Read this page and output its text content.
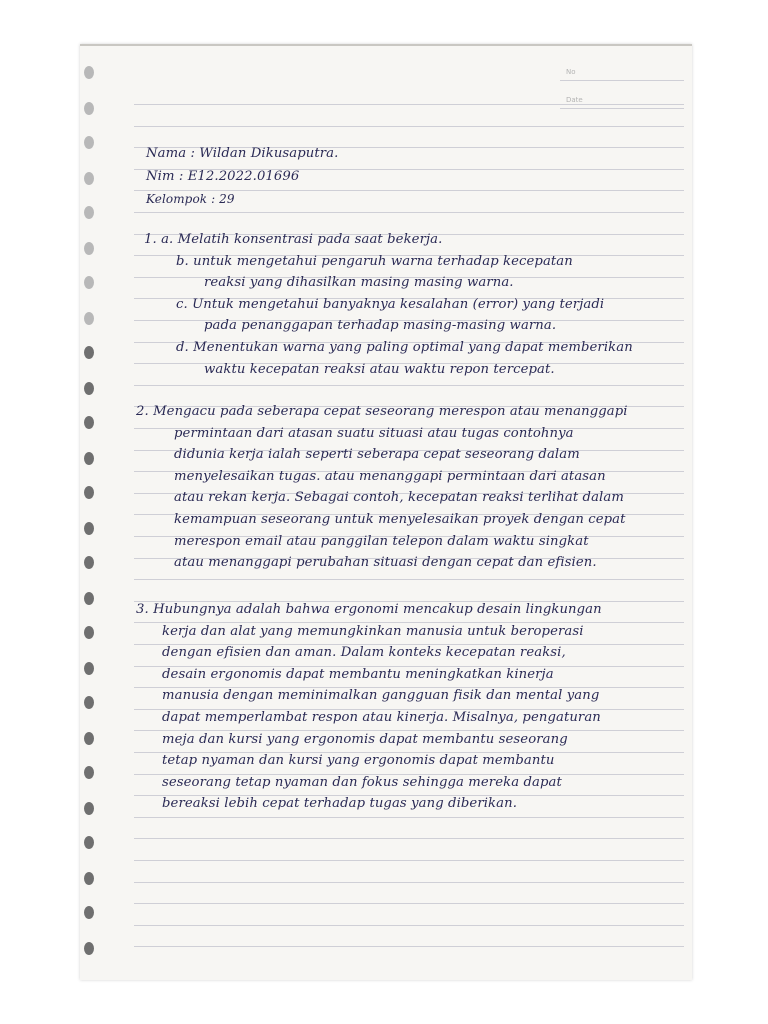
No
Date
Nama : Wildan Dikusaputra.
Nim : E12.2022.01696
Kelompok : 29
1. a. Melatih konsentrasi pada saat bekerja.
b. untuk mengetahui pengaruh warna terhadap kecepatan
reaksi yang dihasilkan masing masing warna.
c. Untuk mengetahui banyaknya kesalahan (error) yang terjadi
pada penanggapan terhadap masing-masing warna.
d. Menentukan warna yang paling optimal yang dapat memberikan
waktu kecepatan reaksi atau waktu repon tercepat.
2. Mengacu pada seberapa cepat seseorang merespon atau menanggapi
permintaan dari atasan suatu situasi atau tugas contohnya
didunia kerja ialah seperti seberapa cepat seseorang dalam
menyelesaikan tugas. atau menanggapi permintaan dari atasan
atau rekan kerja. Sebagai contoh, kecepatan reaksi terlihat dalam
kemampuan seseorang untuk menyelesaikan proyek dengan cepat
merespon email atau panggilan telepon dalam waktu singkat
atau menanggapi perubahan situasi dengan cepat dan efisien.
3. Hubungnya adalah bahwa ergonomi mencakup desain lingkungan
kerja dan alat yang memungkinkan manusia untuk beroperasi
dengan efisien dan aman. Dalam konteks kecepatan reaksi,
desain ergonomis dapat membantu meningkatkan kinerja
manusia dengan meminimalkan gangguan fisik dan mental yang
dapat memperlambat respon atau kinerja. Misalnya, pengaturan
meja dan kursi yang ergonomis dapat membantu seseorang
tetap nyaman dan kursi yang ergonomis dapat membantu
seseorang tetap nyaman dan fokus sehingga mereka dapat
bereaksi lebih cepat terhadap tugas yang diberikan.
